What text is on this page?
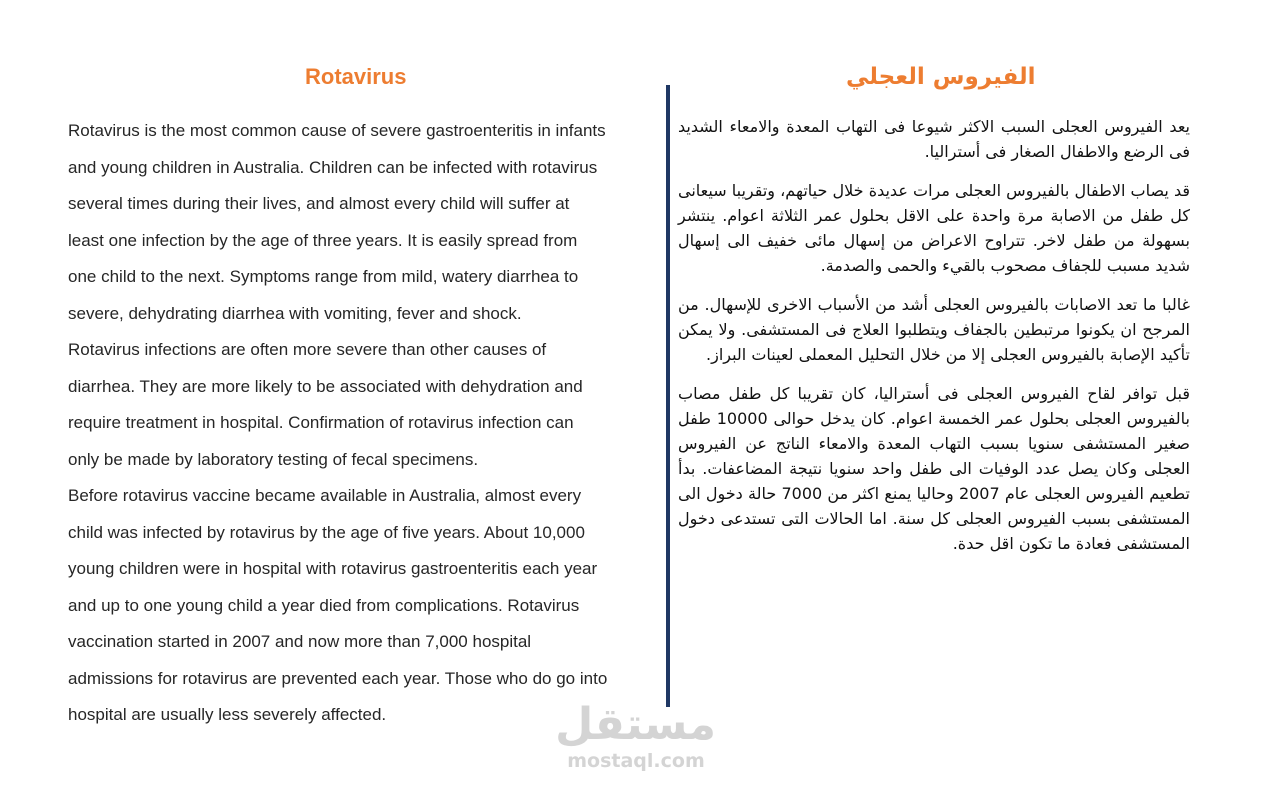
Rotavirus	الفيروس العجلي

Rotavirus is the most common cause of severe gastroenteritis in infants
and young children in Australia. Children can be infected with rotavirus
several times during their lives, and almost every child will suffer at
least one infection by the age of three years. It is easily spread from
one child to the next. Symptoms range from mild, watery diarrhea to
severe, dehydrating diarrhea with vomiting, fever and shock.

Rotavirus infections are often more severe than other causes of
diarrhea. They are more likely to be associated with dehydration and
require treatment in hospital. Confirmation of rotavirus infection can
only be made by laboratory testing of fecal specimens.

Before rotavirus vaccine became available in Australia, almost every
child was infected by rotavirus by the age of five years. About 10,000
young children were in hospital with rotavirus gastroenteritis each year
and up to one young child a year died from complications. Rotavirus
vaccination started in 2007 and now more than 7,000 hospital
admissions for rotavirus are prevented each year. Those who do go into
hospital are usually less severely affected.

يعد الفيروس العجلى السبب الاكثر شيوعا فى التهاب المعدة والامعاء الشديد فى الرضع والاطفال الصغار فى أستراليا.

قد يصاب الاطفال بالفيروس العجلى مرات عديدة خلال حياتهم، وتقريبا سيعانى كل طفل من الاصابة مرة واحدة على الاقل بحلول عمر الثلاثة اعوام. ينتشر بسهولة من طفل لاخر. تتراوح الاعراض من إسهال مائى خفيف الى إسهال شديد مسبب للجفاف مصحوب بالقيء والحمى والصدمة.

غالبا ما تعد الاصابات بالفيروس العجلى أشد من الأسباب الاخرى للإسهال. من المرجح ان يكونوا مرتبطين بالجفاف ويتطلبوا العلاج فى المستشفى. ولا يمكن تأكيد الإصابة بالفيروس العجلى إلا من خلال التحليل المعملى لعينات البراز.

قبل توافر لقاح الفيروس العجلى فى أستراليا، كان تقريبا كل طفل مصاب بالفيروس العجلى بحلول عمر الخمسة اعوام. كان يدخل حوالى 10000 طفل صغير المستشفى سنويا بسبب التهاب المعدة والامعاء الناتج عن الفيروس العجلى وكان يصل عدد الوفيات الى طفل واحد سنويا نتيجة المضاعفات. بدأ تطعيم الفيروس العجلى عام 2007 وحاليا يمنع اكثر من 7000 حالة دخول الى المستشفى بسبب الفيروس العجلى كل سنة. اما الحالات التى تستدعى دخول المستشفى فعادة ما تكون اقل حدة.

مستقل
mostaql.com
